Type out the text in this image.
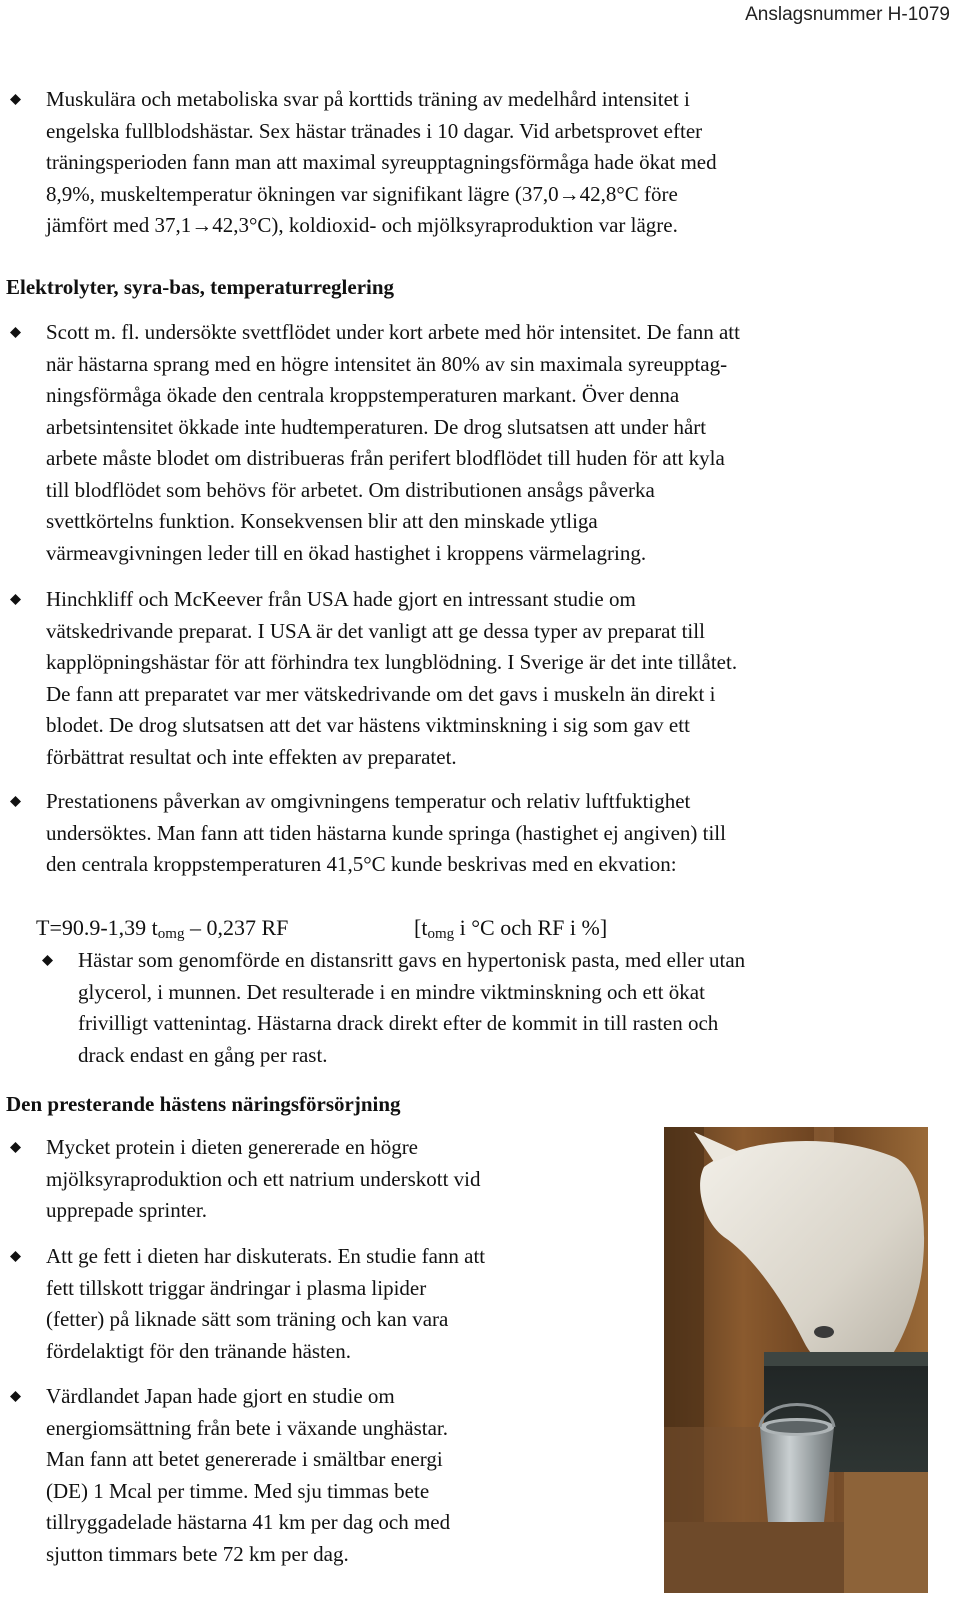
Anslagsnummer H-1079
Muskulära och metaboliska svar på korttids träning av medelhård intensitet i
engelska fullblodshästar. Sex hästar tränades i 10 dagar. Vid arbetsprovet efter
träningsperioden fann man att maximal syreupptagningsförmåga hade ökat med
8,9%, muskeltemperatur ökningen var signifikant lägre (37,0→42,8°C före
jämfört med 37,1→42,3°C), koldioxid- och mjölksyraproduktion var lägre.
Elektrolyter, syra-bas, temperaturreglering
Scott m. fl. undersökte svettflödet under kort arbete med hör intensitet. De fann att
när hästarna sprang med en högre intensitet än 80% av sin maximala syreupptag-
ningsförmåga ökade den centrala kroppstemperaturen markant. Över denna
arbetsintensitet ökkade inte hudtemperaturen. De drog slutsatsen att under hårt
arbete måste blodet om distribueras från perifert blodflödet till huden för att kyla
till blodflödet som behövs för arbetet. Om distributionen ansågs påverka
svettkörtelns funktion. Konsekvensen blir att den minskade ytliga
värmeavgivningen leder till en ökad hastighet i kroppens värmelagring.
Hinchkliff och McKeever från USA hade gjort en intressant studie om
vätskedrivande preparat. I USA är det vanligt att ge dessa typer av preparat till
kapplöpningshästar för att förhindra tex lungblödning. I Sverige är det inte tillåtet.
De fann att preparatet var mer vätskedrivande om det gavs i muskeln än direkt i
blodet. De drog slutsatsen att det var hästens viktminskning i sig som gav ett
förbättrat resultat och inte effekten av preparatet.
Prestationens påverkan av omgivningens temperatur och relativ luftfuktighet
undersöktes. Man fann att tiden hästarna kunde springa (hastighet ej angiven) till
den centrala kroppstemperaturen 41,5°C kunde beskrivas med en ekvation:
T=90.9-1,39 $t_{omg} - 0,237$ RF	[$t_{omg}$ i °C och RF i %]
Hästar som genomförde en distansritt gavs en hypertonisk pasta, med eller utan
glycerol, i munnen. Det resulterade i en mindre viktminskning och ett ökat
frivilligt vattenintag. Hästarna drack direkt efter de kommit in till rasten och
drack endast en gång per rast.
Den presterande hästens näringsförsörjning
Mycket protein i dieten genererade en högre
mjölksyraproduktion och ett natrium underskott vid
upprepade sprinter.
Att ge fett i dieten har diskuterats. En studie fann att
fett tillskott triggar ändringar i plasma lipider
(fetter) på liknade sätt som träning och kan vara
fördelaktigt för den tränande hästen.
Värdlandet Japan hade gjort en studie om
energiomsättning från bete i växande unghästar.
Man fann att betet genererade i smältbar energi
(DE) 1 Mcal per timme. Med sju timmas bete
tillryggadelade hästarna 41 km per dag och med
sjutton timmars bete 72 km per dag.
